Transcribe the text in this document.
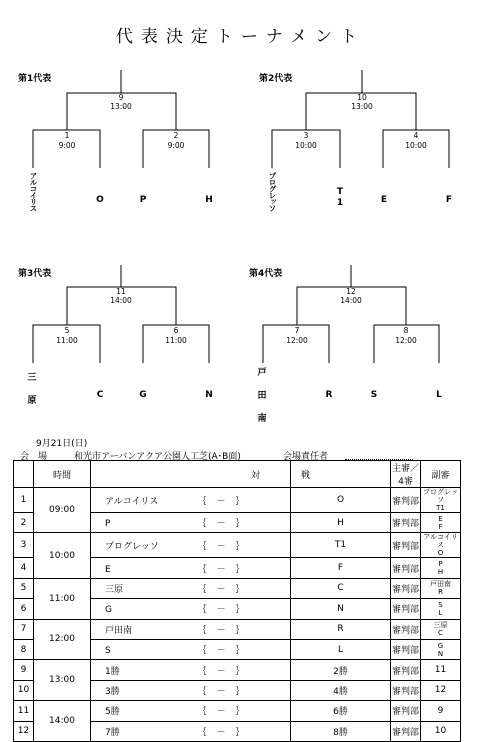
代表決定トーナメント
第1代表
9
13:00
1
9:00
2
9:00
アルコイリス	O	P	H
第2代表
10
13:00
3
10:00
4
10:00
プログレッソ	T1	E	F
第3代表
11
14:00
5
11:00
6
11:00
三原
C	G	N
第4代表
12
14:00
7
12:00
8
12:00
戸田南
R	S	L
9月21日(日)
会　場	和光市アーバンアクア公園人工芝(A･B面)	会場責任者
	時間	対	戦	主審／4審	副審
1	09:00	アルコイリス ｛ － ｝	O	審判部	プログレッソ
T1

2		P ｛ － ｝	H	審判部	E
F

3	10:00	プログレッソ ｛ － ｝	T1	審判部	アルコイリス
O

4		E ｛ － ｝	F	審判部	P
H

5	11:00	三原 ｛ － ｝	C	審判部	戸田南
R

6		G ｛ － ｝	N	審判部	S
L

7	12:00	戸田南 ｛ － ｝	R	審判部	三原
C

8		S ｛ － ｝	L	審判部	G
N

9	13:00	1勝 ｛ － ｝	2勝	審判部	11

10		3勝 ｛ － ｝	4勝	審判部	12

11	14:00	5勝 ｛ － ｝	6勝	審判部	9

12		7勝 ｛ － ｝	8勝	審判部	10
